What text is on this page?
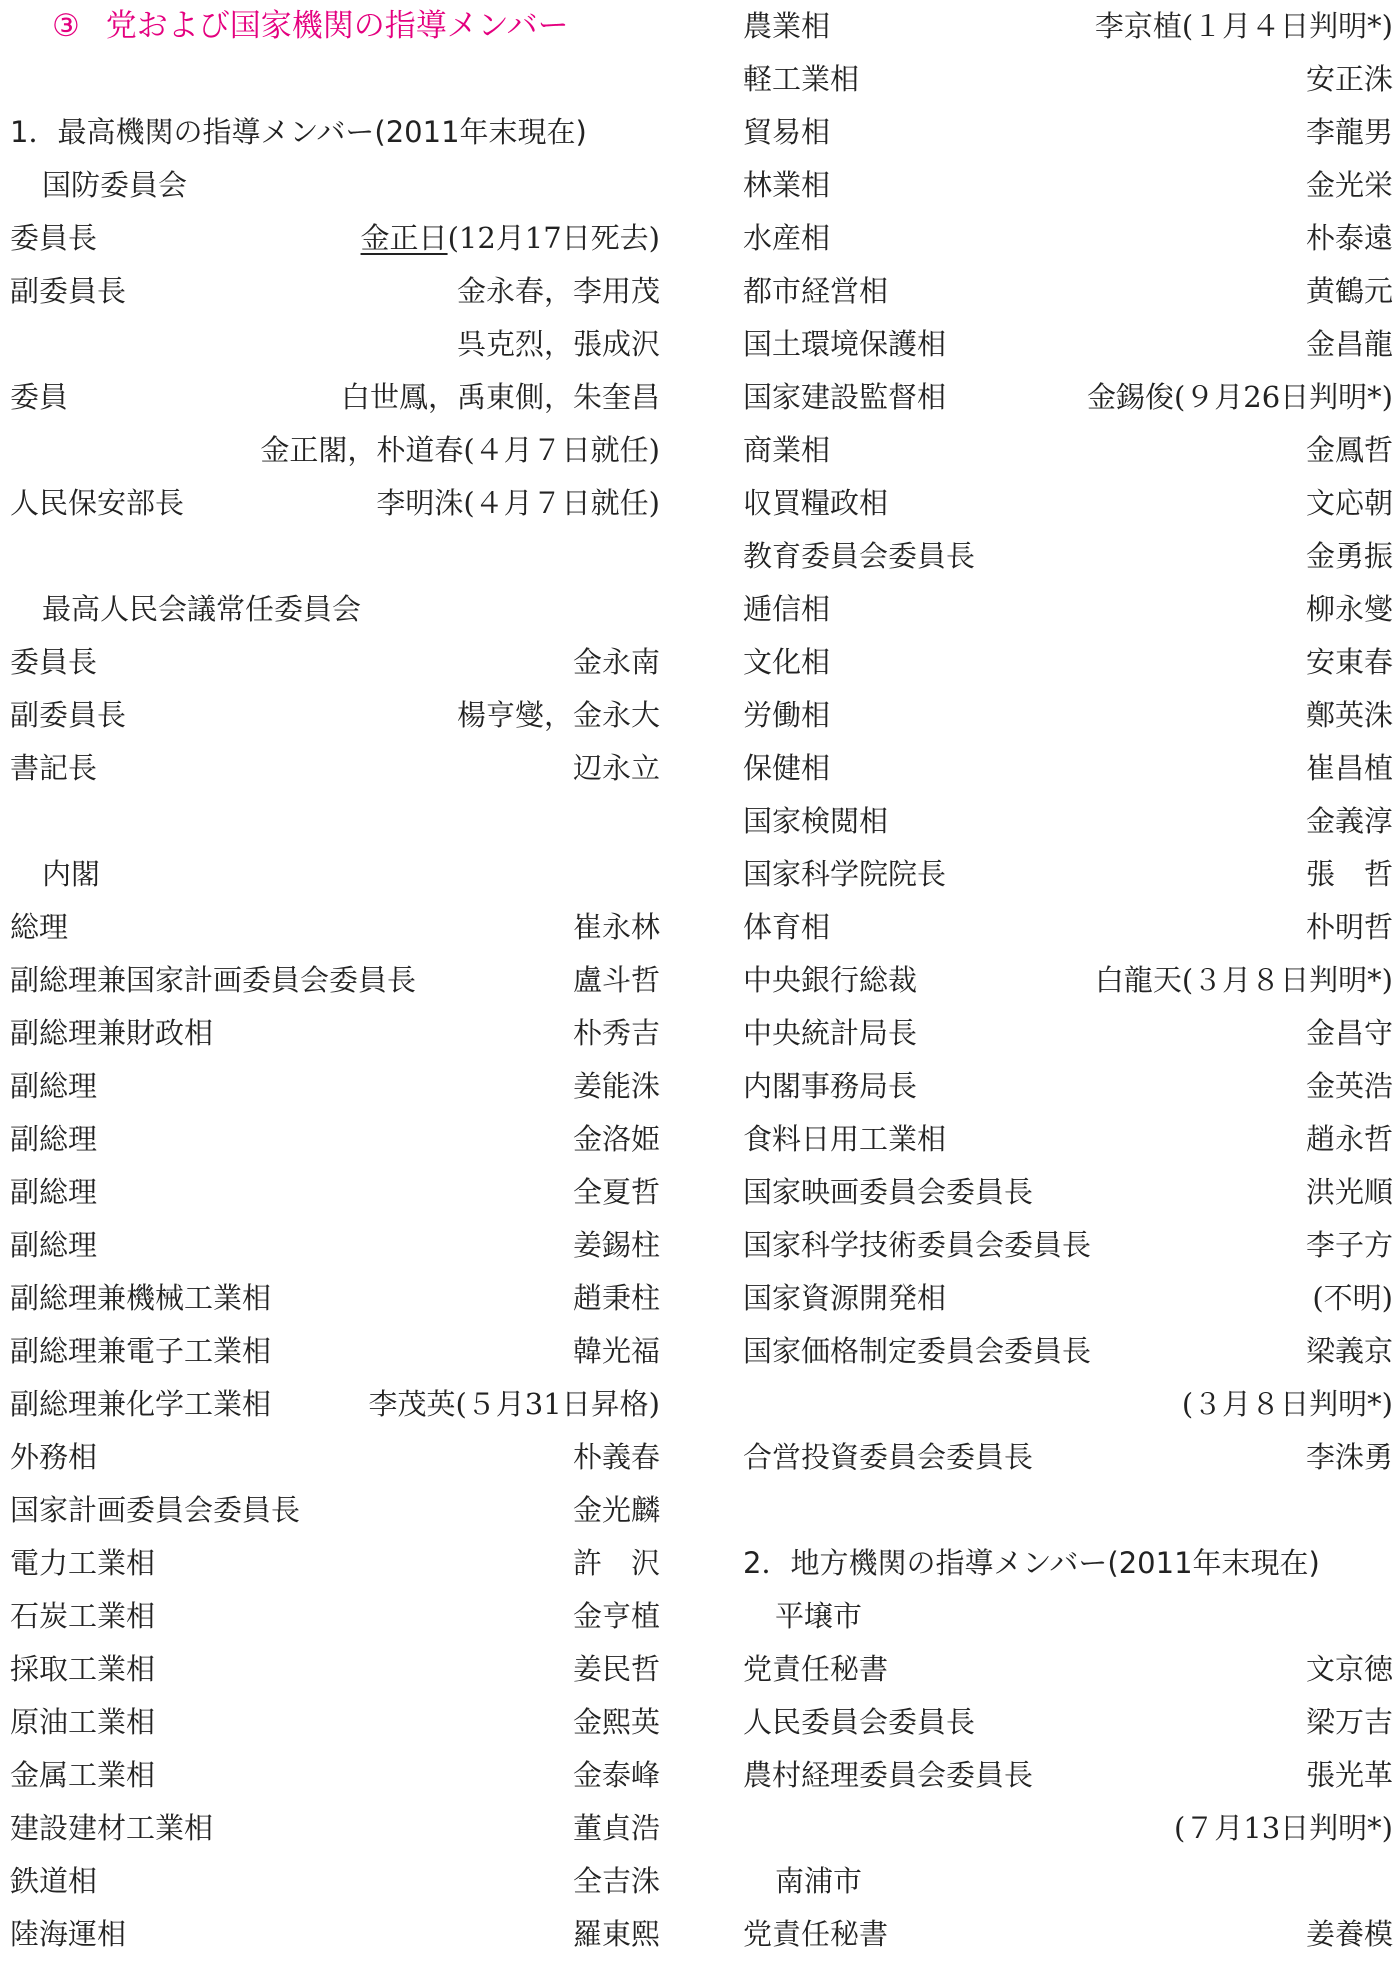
③ 党および国家機関の指導メンバー
1．最高機関の指導メンバー(2011年末現在)
国防委員会
委員長	金正日(12月17日死去)
副委員長	金永春，李用茂
呉克烈，張成沢
委員	白世鳳，禹東側，朱奎昌
金正閣，朴道春(４月７日就任)
人民保安部長	李明洙(４月７日就任)
最高人民会議常任委員会
委員長	金永南
副委員長	楊亨燮，金永大
書記長	辺永立
内閣
総理	崔永林
副総理兼国家計画委員会委員長	盧斗哲
副総理兼財政相	朴秀吉
副総理	姜能洙
副総理	金洛姫
副総理	全夏哲
副総理	姜錫柱
副総理兼機械工業相	趙秉柱
副総理兼電子工業相	韓光福
副総理兼化学工業相	李茂英(５月31日昇格)
外務相	朴義春
国家計画委員会委員長	金光麟
電力工業相	許　沢
石炭工業相	金亨植
採取工業相	姜民哲
原油工業相	金熙英
金属工業相	金泰峰
建設建材工業相	董貞浩
鉄道相	全吉洙
陸海運相	羅東熙
農業相	李京植(１月４日判明*)
軽工業相	安正洙
貿易相	李龍男
林業相	金光栄
水産相	朴泰遠
都市経営相	黄鶴元
国土環境保護相	金昌龍
国家建設監督相	金錫俊(９月26日判明*)
商業相	金鳳哲
収買糧政相	文応朝
教育委員会委員長	金勇振
逓信相	柳永燮
文化相	安東春
労働相	鄭英洙
保健相	崔昌植
国家検閲相	金義淳
国家科学院院長	張　哲
体育相	朴明哲
中央銀行総裁	白龍天(３月８日判明*)
中央統計局長	金昌守
内閣事務局長	金英浩
食料日用工業相	趙永哲
国家映画委員会委員長	洪光順
国家科学技術委員会委員長	李子方
国家資源開発相	(不明)
国家価格制定委員会委員長	梁義京
(３月８日判明*)
合営投資委員会委員長	李洙勇
2．地方機関の指導メンバー(2011年末現在)
平壌市
党責任秘書	文京徳
人民委員会委員長	梁万吉
農村経理委員会委員長	張光革
(７月13日判明*)
南浦市
党責任秘書	姜養模
